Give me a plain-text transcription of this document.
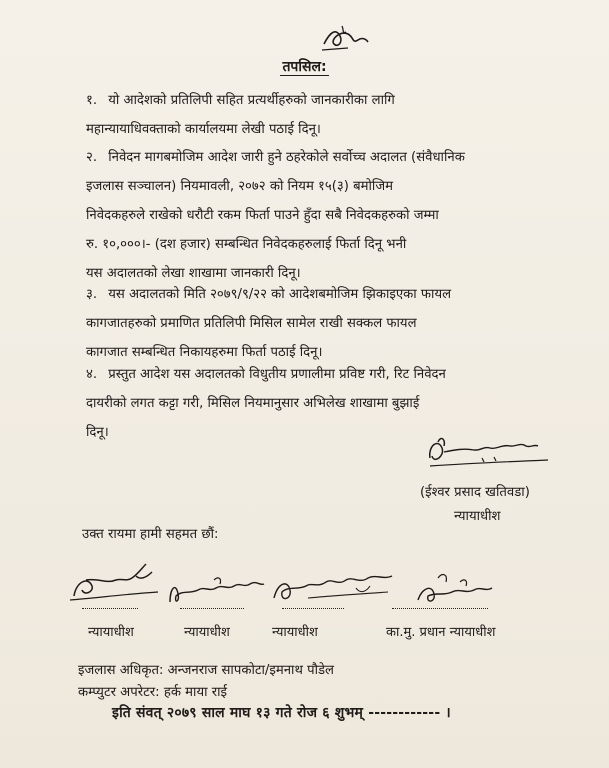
तपसिल:
१. यो आदेशको प्रतिलिपी सहित प्रत्यर्थीहरुको जानकारीका लागि
महान्यायाधिवक्ताको कार्यालयमा लेखी पठाई दिनू।
२. निवेदन मागबमोजिम आदेश जारी हुने ठहरेकोले सर्वोच्च अदालत (संवैधानिक
इजलास सञ्चालन) नियमावली, २०७२ को नियम १५(३) बमोजिम
निवेदकहरुले राखेको धरौटी रकम फिर्ता पाउने हुँदा सबै निवेदकहरुको जम्मा
रु. १०,०००।- (दश हजार) सम्बन्धित निवेदकहरुलाई फिर्ता दिनू भनी
यस अदालतको लेखा शाखामा जानकारी दिनू।
३. यस अदालतको मिति २०७९/९/२२ को आदेशबमोजिम झिकाइएका फायल
कागजातहरुको प्रमाणित प्रतिलिपी मिसिल सामेल राखी सक्कल फायल
कागजात सम्बन्धित निकायहरुमा फिर्ता पठाई दिनू।
४. प्रस्तुत आदेश यस अदालतको विधुतीय प्रणालीमा प्रविष्ट गरी, रिट निवेदन
दायरीको लगत कट्टा गरी, मिसिल नियमानुसार अभिलेख शाखामा बुझाई
दिनू।
(ईश्वर प्रसाद खतिवडा)
न्यायाधीश
उक्त रायमा हामी सहमत छौं:
न्यायाधीश	न्यायाधीश	न्यायाधीश	का.मु. प्रधान न्यायाधीश
इजलास अधिकृत: अन्जनराज सापकोटा/इमनाथ पौडेल
कम्प्युटर अपरेटर: हर्क माया राई
इति संवत् २०७९ साल माघ १३ गते रोज ६ शुभम् ------------ ।
